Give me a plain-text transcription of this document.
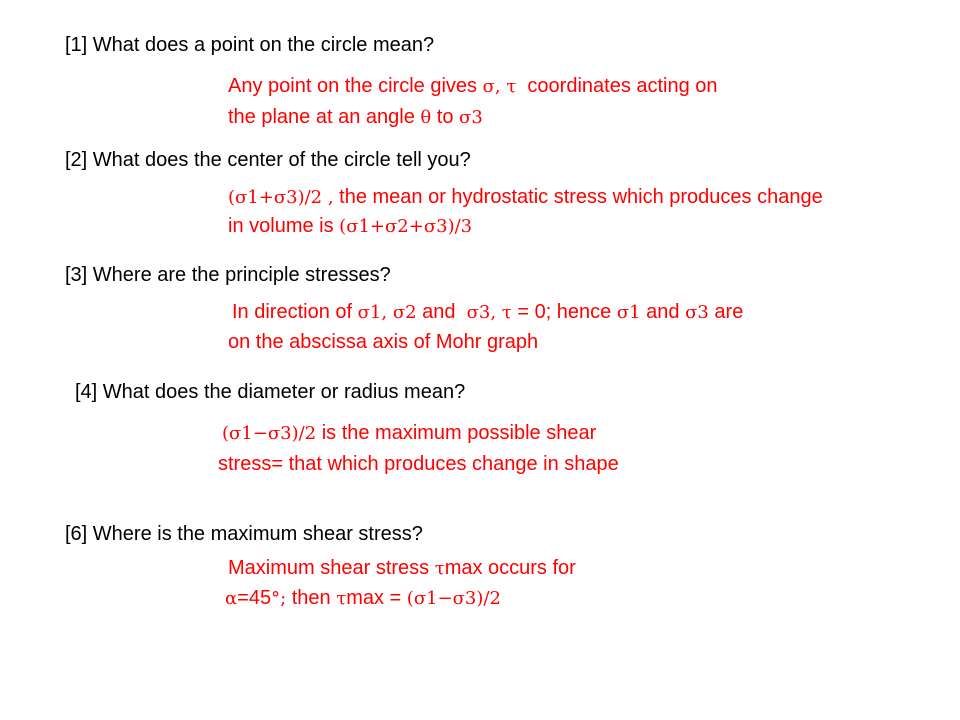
[1] What does a point on the circle mean?
Any point on the circle gives σ, τ coordinates acting on
the plane at an angle θ to σ3
[2] What does the center of the circle tell you?
(σ1+σ3)/2 , the mean or hydrostatic stress which produces change
in volume is (σ1+σ2+σ3)/3
[3] Where are the principle stresses?
In direction of σ1, σ2 and σ3, τ = 0; hence σ1 and σ3 are
on the abscissa axis of Mohr graph
[4] What does the diameter or radius mean?
(σ1−σ3)/2 is the maximum possible shear
stress= that which produces change in shape
[6] Where is the maximum shear stress?
Maximum shear stress τmax occurs for
α=45°; then τmax = (σ1−σ3)/2
